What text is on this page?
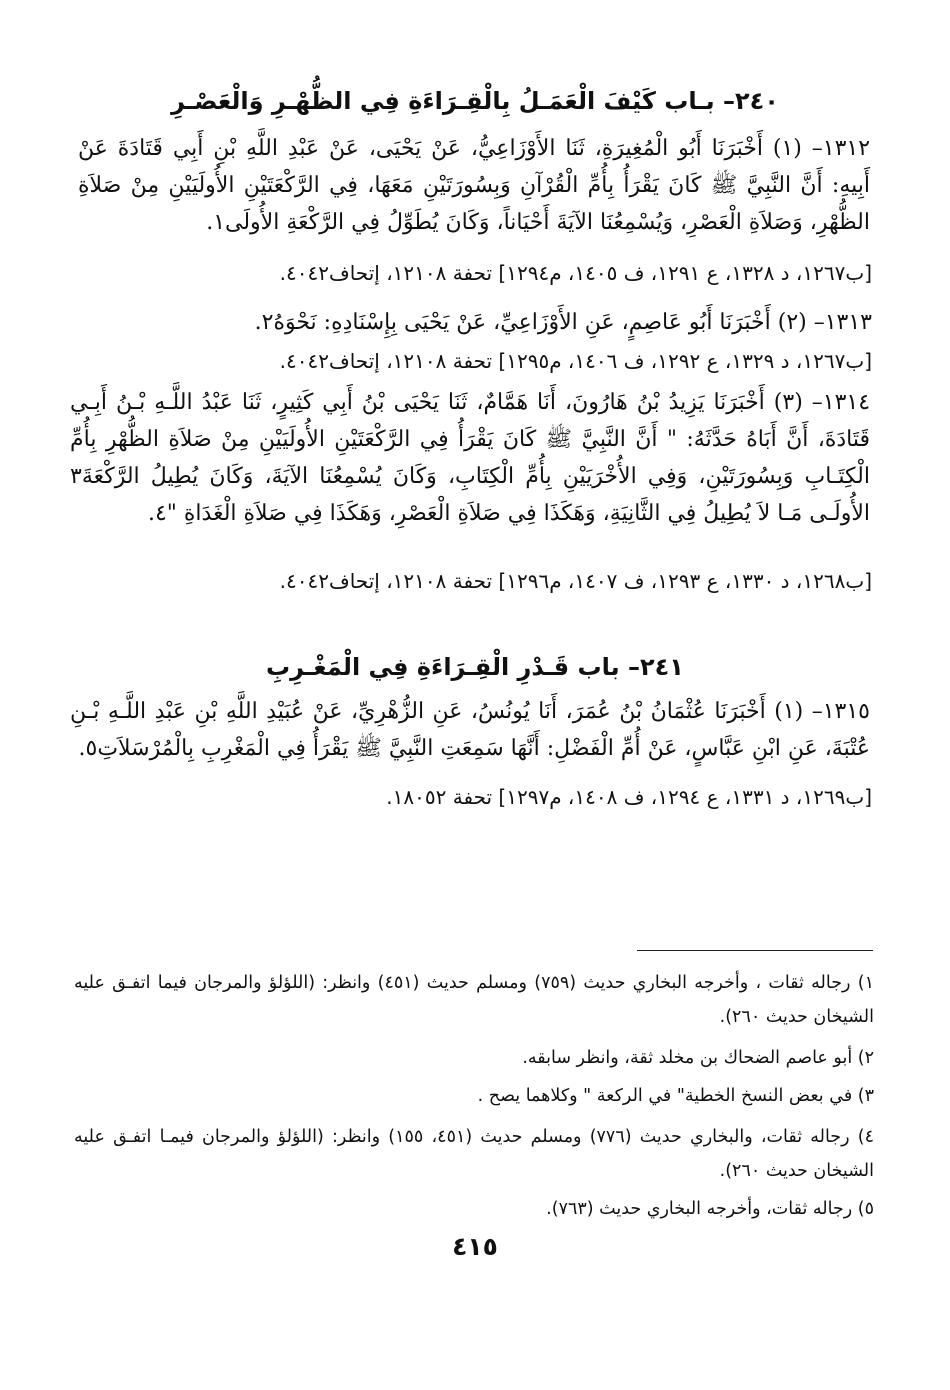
٢٤٠– بـاب كَيْفَ الْعَمَـلُ بِالْقِـرَاءَةِ فِي الظُّهْـرِ وَالْعَصْـرِ
١٣١٢– (١) أَخْبَرَنَا أَبُو الْمُغِيرَةِ، ثَنَا الأَوْزَاعِيُّ، عَنْ يَحْيَى، عَنْ عَبْدِ اللَّهِ بْنِ أَبِي قَتَادَةَ عَنْ أَبِيهِ: أَنَّ النَّبِيَّ ﷺ كَانَ يَقْرَأُ بِأُمِّ الْقُرْآنِ وَبِسُورَتَيْنِ مَعَهَا، فِي الرَّكْعَتَيْنِ الأُولَيَيْنِ مِنْ صَلاَةِ الظُّهْرِ، وَصَلاَةِ الْعَصْرِ، وَيُسْمِعُنَا الآيَةَ أَحْيَاناً، وَكَانَ يُطَوِّلُ فِي الرَّكْعَةِ الأُولَى١.
[ب١٢٦٧، د ١٣٢٨، ع ١٢٩١، ف ١٤٠٥، م١٢٩٤] تحفة ١٢١٠٨، إتحاف٤٠٤٢.
١٣١٣– (٢) أَخْبَرَنَا أَبُو عَاصِمٍ، عَنِ الأَوْزَاعِيِّ، عَنْ يَحْيَى بِإِسْنَادِهِ: نَحْوَهُ٢.
[ب١٢٦٧، د ١٣٢٩، ع ١٢٩٢، ف ١٤٠٦، م١٢٩٥] تحفة ١٢١٠٨، إتحاف٤٠٤٢.
١٣١٤– (٣) أَخْبَرَنَا يَزِيدُ بْنُ هَارُونَ، أَنَا هَمَّامٌ، ثَنَا يَحْيَى بْنُ أَبِي كَثِيرٍ، ثَنَا عَبْدُ اللَّـهِ بْـنُ أَبِـي قَتَادَةَ، أَنَّ أَبَاهُ حَدَّثَهُ: " أَنَّ النَّبِيَّ ﷺ كَانَ يَقْرَأُ فِي الرَّكْعَتَيْنِ الأُولَيَيْنِ مِنْ صَلاَةِ الظُّهْرِ بِأُمِّ الْكِتَـابِ وَبِسُورَتَيْنِ، وَفِي الأُخْرَيَيْنِ بِأُمِّ الْكِتَابِ، وَكَانَ يُسْمِعُنَا الآيَةَ، وَكَانَ يُطِيلُ الرَّكْعَةَ٣ الأُولَـى مَـا لاَ يُطِيلُ فِي الثَّانِيَةِ، وَهَكَذَا فِي صَلاَةِ الْعَصْرِ، وَهَكَذَا فِي صَلاَةِ الْغَدَاةِ "٤.
[ب١٢٦٨، د ١٣٣٠، ع ١٢٩٣، ف ١٤٠٧، م١٢٩٦] تحفة ١٢١٠٨، إتحاف٤٠٤٢.
٢٤١– باب قَـدْرِ الْقِـرَاءَةِ فِي الْمَغْـرِبِ
١٣١٥– (١) أَخْبَرَنَا عُثْمَانُ بْنُ عُمَرَ، أَنَا يُونُسُ، عَنِ الزُّهْرِيِّ، عَنْ عُبَيْدِ اللَّهِ بْنِ عَبْدِ اللَّـهِ بْـنِ عُتْبَةَ، عَنِ ابْنِ عَبَّاسٍ، عَنْ أُمِّ الْفَضْلِ: أَنَّهَا سَمِعَتِ النَّبِيَّ ﷺ يَقْرَأُ فِي الْمَغْرِبِ بِالْمُرْسَلاَتِ٥.
[ب١٢٦٩، د ١٣٣١، ع ١٢٩٤، ف ١٤٠٨، م١٢٩٧] تحفة ١٨٠٥٢.
١) رجاله ثقات ، وأخرجه البخاري حديث (٧٥٩) ومسلم حديث (٤٥١) وانظر: (اللؤلؤ والمرجان فيما اتفـق عليه الشيخان حديث ٢٦٠).
٢) أبو عاصم الضحاك بن مخلد ثقة، وانظر سابقه.
٣) في بعض النسخ الخطية" في الركعة " وكلاهما يصح .
٤) رجاله ثقات، والبخاري حديث (٧٧٦) ومسلم حديث (٤٥١، ١٥٥) وانظر: (اللؤلؤ والمرجان فيمـا اتفـق عليه الشيخان حديث ٢٦٠).
٥) رجاله ثقات، وأخرجه البخاري حديث (٧٦٣).
٤١٥
